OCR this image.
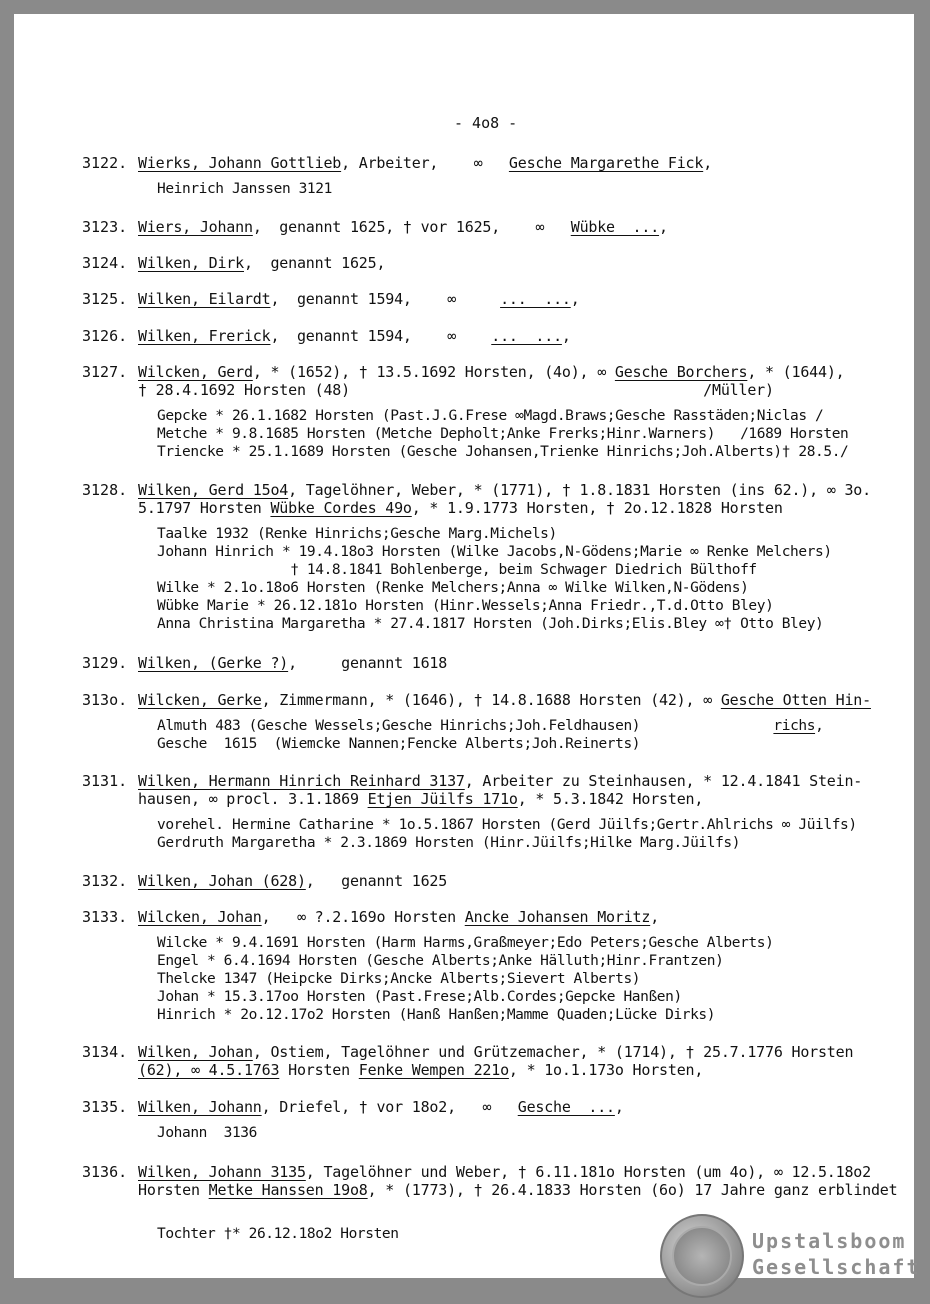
- 4o8 -
3122. Wierks, Johann Gottlieb, Arbeiter,    ∞   Gesche Margarethe Fick,
Heinrich Janssen 3121
3123. Wiers, Johann,  genannt 1625, † vor 1625,    ∞   Wübke  ...,
3124. Wilken, Dirk,  genannt 1625,
3125. Wilken, Eilardt,  genannt 1594,    ∞     ...  ...,
3126. Wilken, Frerick,  genannt 1594,    ∞    ...  ...,
3127. Wilcken, Gerd, * (1652), † 13.5.1692 Horsten, (4o), ∞ Gesche Borchers, * (1644),
† 28.4.1692 Horsten (48)                                        /Müller)
Gepcke * 26.1.1682 Horsten (Past.J.G.Frese ∞Magd.Braws;Gesche Rasstäden;Niclas /
Metche * 9.8.1685 Horsten (Metche Depholt;Anke Frerks;Hinr.Warners)   /1689 Horsten
Triencke * 25.1.1689 Horsten (Gesche Johansen,Trienke Hinrichs;Joh.Alberts)† 28.5./
3128. Wilken, Gerd 15o4, Tagelöhner, Weber, * (1771), † 1.8.1831 Horsten (ins 62.), ∞ 3o.
5.1797 Horsten Wübke Cordes 49o, * 1.9.1773 Horsten, † 2o.12.1828 Horsten
Taalke 1932 (Renke Hinrichs;Gesche Marg.Michels)
Johann Hinrich * 19.4.18o3 Horsten (Wilke Jacobs,N-Gödens;Marie ∞ Renke Melchers)
† 14.8.1841 Bohlenberge, beim Schwager Diedrich Bülthoff
Wilke * 2.1o.18o6 Horsten (Renke Melchers;Anna ∞ Wilke Wilken,N-Gödens)
Wübke Marie * 26.12.181o Horsten (Hinr.Wessels;Anna Friedr.,T.d.Otto Bley)
Anna Christina Margaretha * 27.4.1817 Horsten (Joh.Dirks;Elis.Bley ∞† Otto Bley)
3129. Wilken, (Gerke ?),     genannt 1618
313o. Wilcken, Gerke, Zimmermann, * (1646), † 14.8.1688 Horsten (42), ∞ Gesche Otten Hin-
Almuth 483 (Gesche Wessels;Gesche Hinrichs;Joh.Feldhausen)                richs,
Gesche  1615  (Wiemcke Nannen;Fencke Alberts;Joh.Reinerts)
3131. Wilken, Hermann Hinrich Reinhard 3137, Arbeiter zu Steinhausen, * 12.4.1841 Stein-
hausen, ∞ procl. 3.1.1869 Etjen Jüilfs 171o, * 5.3.1842 Horsten,
vorehel. Hermine Catharine * 1o.5.1867 Horsten (Gerd Jüilfs;Gertr.Ahlrichs ∞ Jüilfs)
Gerdruth Margaretha * 2.3.1869 Horsten (Hinr.Jüilfs;Hilke Marg.Jüilfs)
3132. Wilken, Johan (628),   genannt 1625
3133. Wilcken, Johan,   ∞ ?.2.169o Horsten Ancke Johansen Moritz,
Wilcke * 9.4.1691 Horsten (Harm Harms,Graßmeyer;Edo Peters;Gesche Alberts)
Engel * 6.4.1694 Horsten (Gesche Alberts;Anke Hälluth;Hinr.Frantzen)
Thelcke 1347 (Heipcke Dirks;Ancke Alberts;Sievert Alberts)
Johan * 15.3.17oo Horsten (Past.Frese;Alb.Cordes;Gepcke Hanßen)
Hinrich * 2o.12.17o2 Horsten (Hanß Hanßen;Mamme Quaden;Lücke Dirks)
3134. Wilken, Johan, Ostiem, Tagelöhner und Grützemacher, * (1714), † 25.7.1776 Horsten
(62), ∞ 4.5.1763 Horsten Fenke Wempen 221o, * 1o.1.173o Horsten,
3135. Wilken, Johann, Driefel, † vor 18o2,   ∞   Gesche  ...,
Johann  3136
3136. Wilken, Johann 3135, Tagelöhner und Weber, † 6.11.181o Horsten (um 4o), ∞ 12.5.18o2
Horsten Metke Hanssen 19o8, * (1773), † 26.4.1833 Horsten (6o) 17 Jahre ganz erblindet
Tochter †* 26.12.18o2 Horsten	Upstalsboom
Gesellschaft
